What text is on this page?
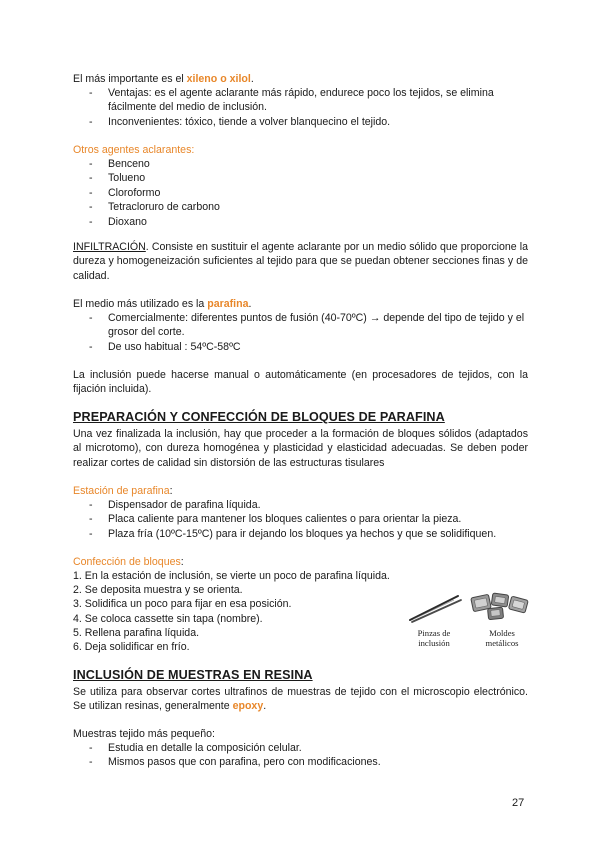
El más importante es el xileno o xilol.

- Ventajas: es el agente aclarante más rápido, endurece poco los tejidos, se elimina fácilmente del medio de inclusión.
- Inconvenientes: tóxico, tiende a volver blanquecino el tejido.

Otros agentes aclarantes:

- Benceno
- Tolueno
- Cloroformo
- Tetracloruro de carbono
- Dioxano

INFILTRACIÓN. Consiste en sustituir el agente aclarante por un medio sólido que proporcione la dureza y homogeneización suficientes al tejido para que se puedan obtener secciones finas y de calidad.

El medio más utilizado es la parafina.

- Comercialmente: diferentes puntos de fusión (40-70ºC) → depende del tipo de tejido y el grosor del corte.
- De uso habitual : 54ºC-58ºC

La inclusión puede hacerse manual o automáticamente (en procesadores de tejidos, con la fijación incluida).

PREPARACIÓN Y CONFECCIÓN DE BLOQUES DE PARAFINA

Una vez finalizada la inclusión, hay que proceder a la formación de bloques sólidos (adaptados al microtomo), con dureza homogénea y plasticidad y elasticidad adecuadas. Se deben poder realizar cortes de calidad sin distorsión de las estructuras tisulares

Estación de parafina:

- Dispensador de parafina líquida.
- Placa caliente para mantener los bloques calientes o para orientar la pieza.
- Plaza fría (10ºC-15ºC) para ir dejando los bloques ya hechos y que se solidifiquen.

Confección de bloques:

1. En la estación de inclusión, se vierte un poco de parafina líquida.
2. Se deposita muestra y se orienta.
3. Solidifica un poco para fijar en esa posición.
4. Se coloca cassette sin tapa (nombre).
5. Rellena parafina líquida.
6. Deja solidificar en frío.
Pinzas de
inclusión
Moldes
metálicos

INCLUSIÓN DE MUESTRAS EN RESINA

Se utiliza para observar cortes ultrafinos de muestras de tejido con el microscopio electrónico. Se utilizan resinas, generalmente epoxy.

Muestras tejido más pequeño:

- Estudia en detalle la composición celular.
- Mismos pasos que con parafina, pero con modificaciones.
27
